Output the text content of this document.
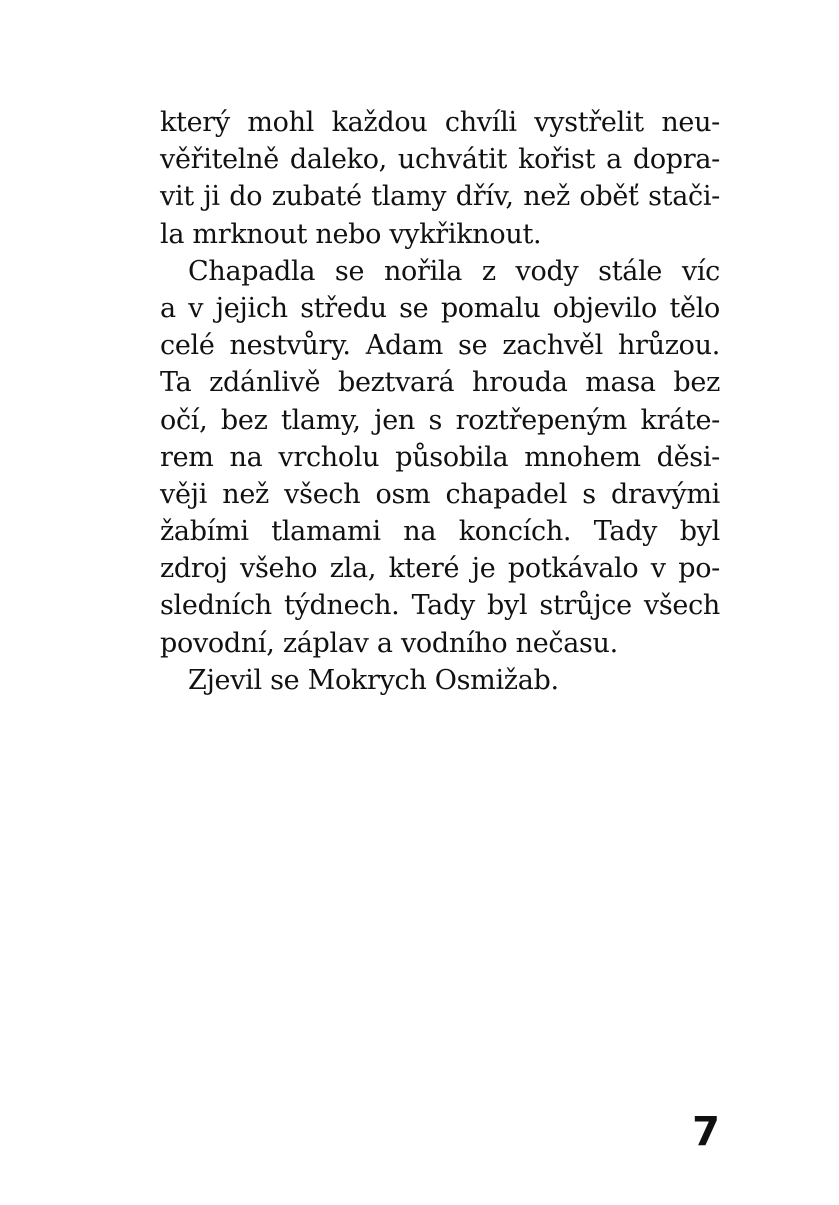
který mohl každou chvíli vystřelit neu-
věřitelně daleko, uchvátit kořist a dopra-
vit ji do zubaté tlamy dřív, než oběť stači-
la mrknout nebo vykřiknout.
Chapadla se nořila z vody stále víc
a v jejich středu se pomalu objevilo tělo
celé nestvůry. Adam se zachvěl hrůzou.
Ta zdánlivě beztvará hrouda masa bez
očí, bez tlamy, jen s roztřepeným kráte-
rem na vrcholu působila mnohem děsi-
věji než všech osm chapadel s dravými
žabími tlamami na koncích. Tady byl
zdroj všeho zla, které je potkávalo v po-
sledních týdnech. Tady byl strůjce všech
povodní, záplav a vodního nečasu.
Zjevil se Mokrych Osmižab.
7
